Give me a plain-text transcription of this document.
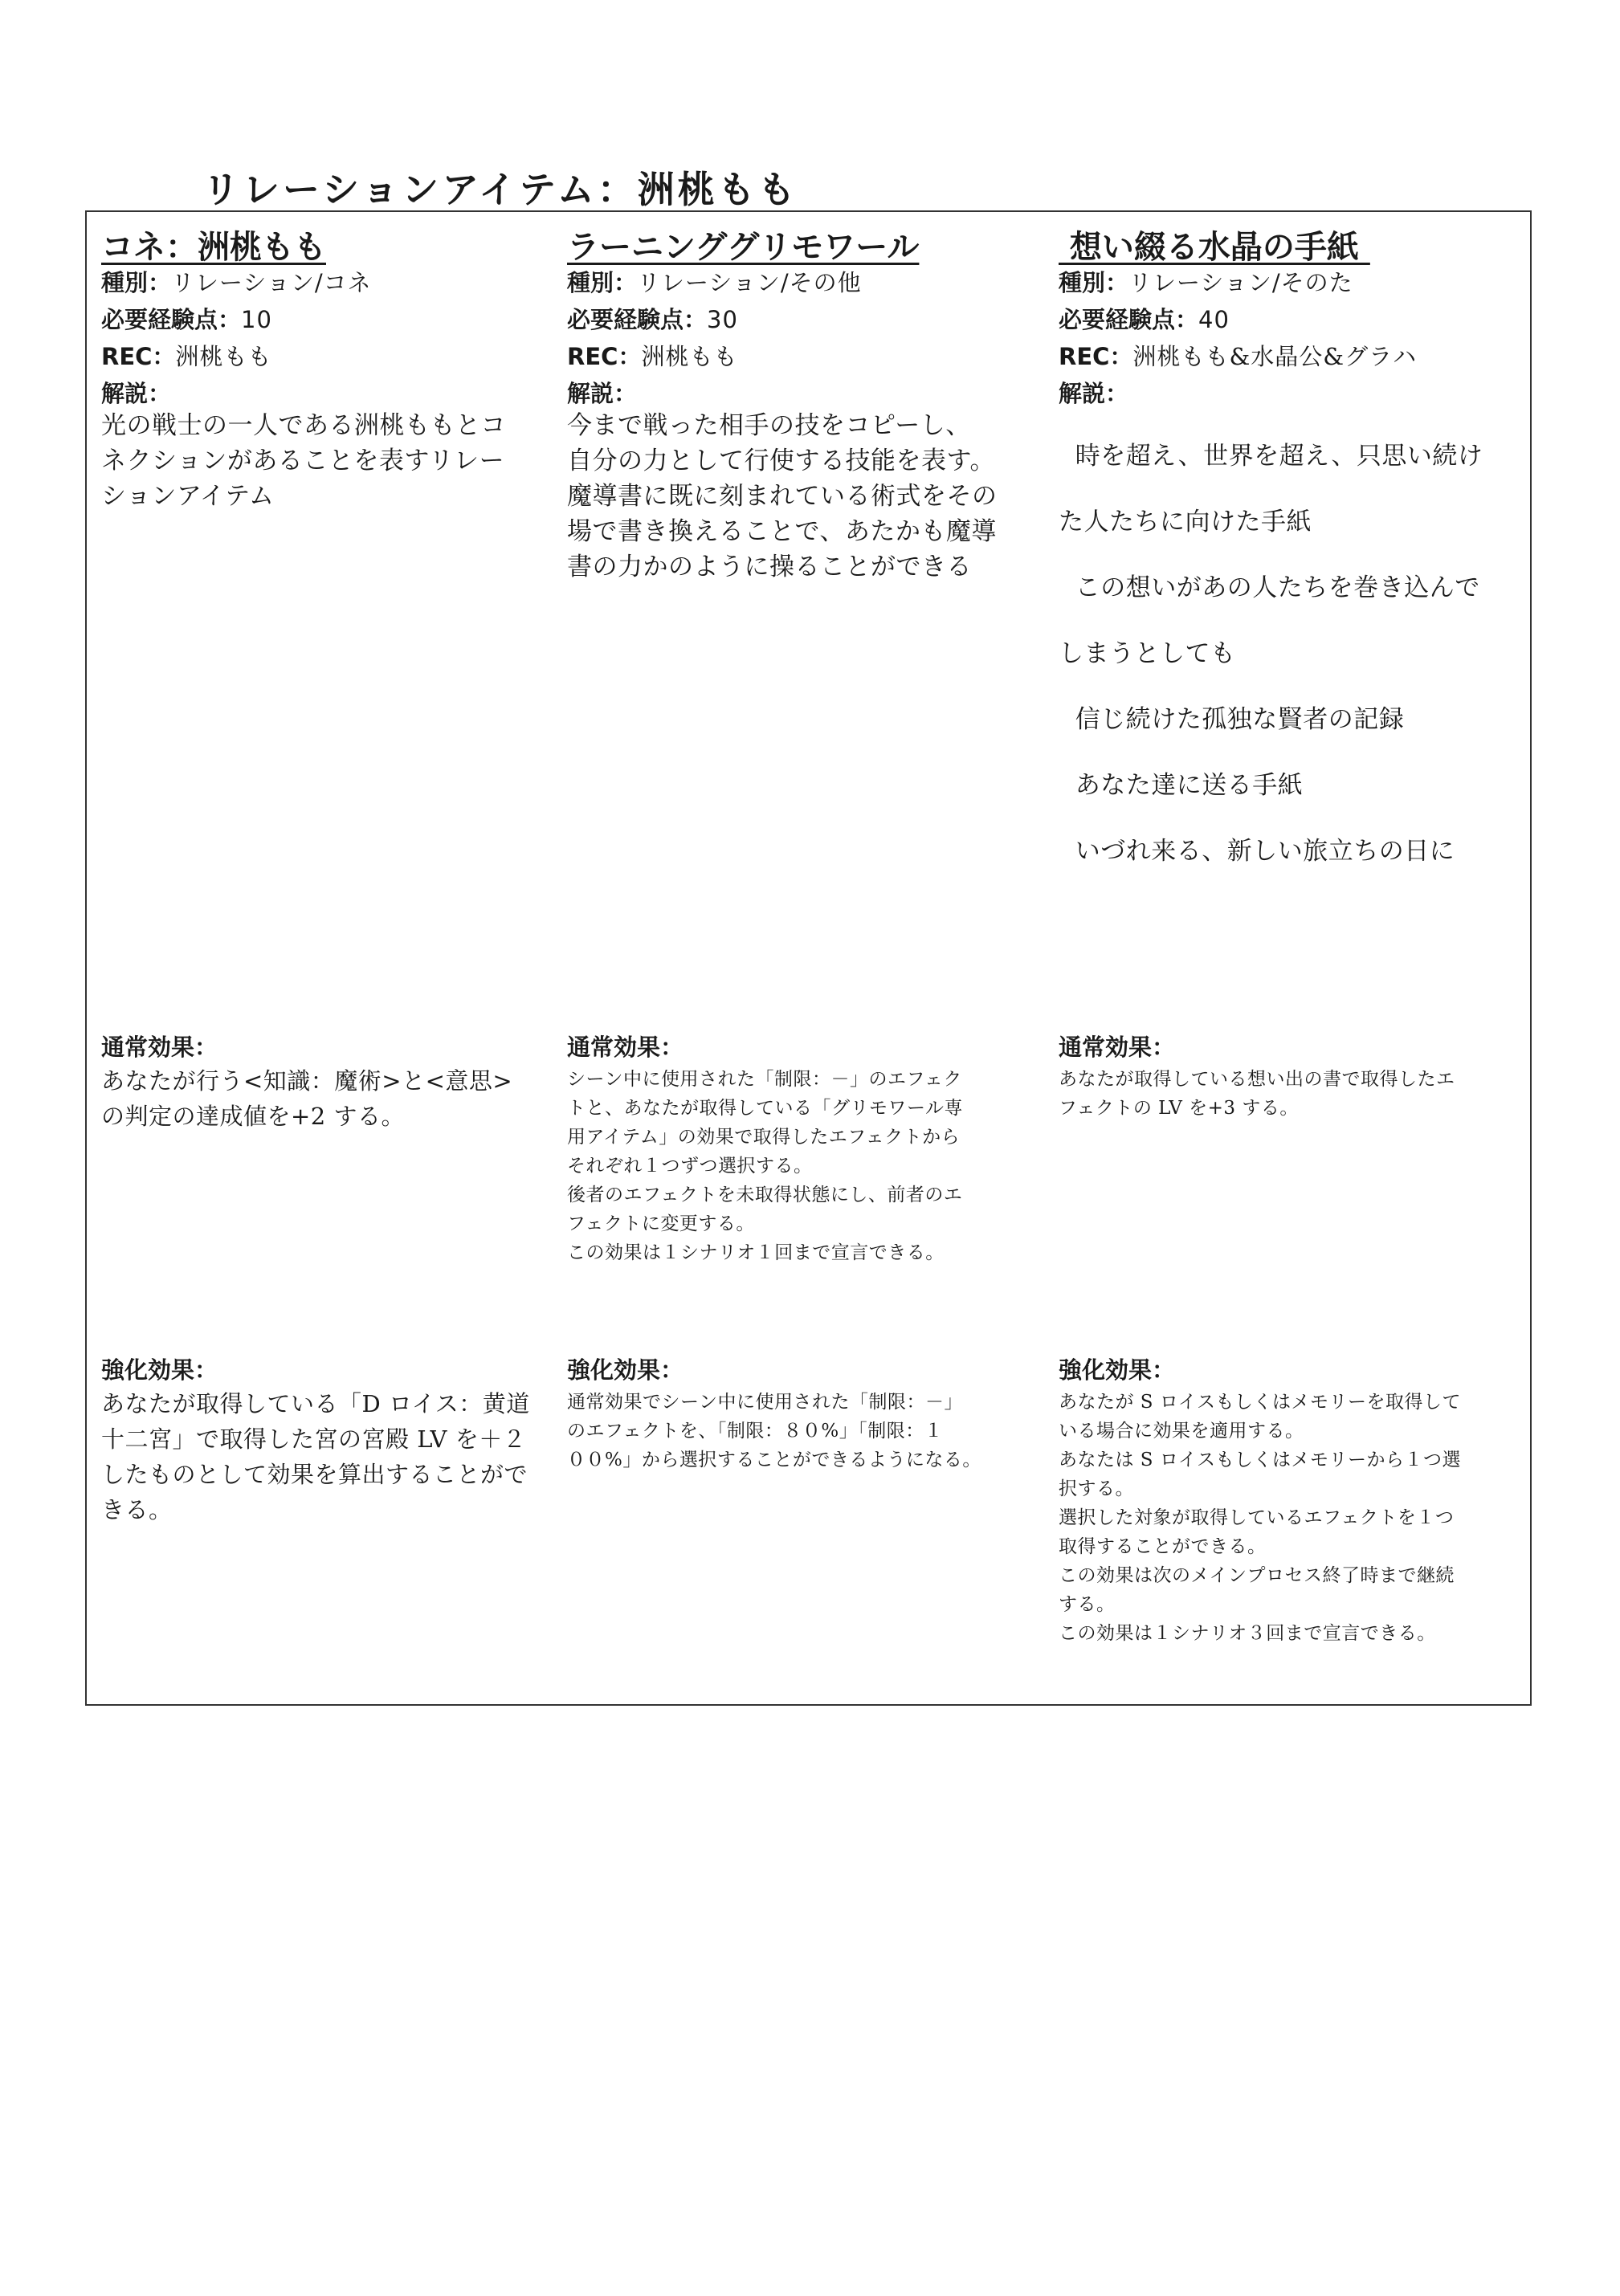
リレーションアイテム：洲桃もも
コネ：洲桃もも
種別：リレーション/コネ
必要経験点：10
REC：洲桃もも
解説：
光の戦士の一人である洲桃ももとコ
ネクションがあることを表すリレー
ションアイテム
通常効果：
あなたが行う<知識：魔術>と<意思>
の判定の達成値を+2 する。
強化効果：
あなたが取得している「D ロイス：黄道
十二宮」で取得した宮の宮殿 LV を＋２
したものとして効果を算出することがで
きる。
ラーニンググリモワール
種別：リレーション/その他
必要経験点：30
REC：洲桃もも
解説：
今まで戦った相手の技をコピーし、
自分の力として行使する技能を表す。
魔導書に既に刻まれている術式をその
場で書き換えることで、あたかも魔導
書の力かのように操ることができる
通常効果：
シーン中に使用された「制限：－」のエフェク
トと、あなたが取得している「グリモワール専
用アイテム」の効果で取得したエフェクトから
それぞれ１つずつ選択する。
後者のエフェクトを未取得状態にし、前者のエ
フェクトに変更する。
この効果は１シナリオ１回まで宣言できる。
強化効果：
通常効果でシーン中に使用された「制限：－」
のエフェクトを、「制限：８０%」「制限：１
００%」から選択することができるようになる。
想い綴る水晶の手紙
種別：リレーション/そのた
必要経験点：40
REC：洲桃もも&水晶公&グラハ
解説：

時を超え、世界を超え、只思い続け

た人たちに向けた手紙

この想いがあの人たちを巻き込んで

しまうとしても

信じ続けた孤独な賢者の記録

あなた達に送る手紙

いづれ来る、新しい旅立ちの日に

通常効果：
あなたが取得している想い出の書で取得したエ
フェクトの LV を+3 する。
強化効果：
あなたが S ロイスもしくはメモリーを取得して
いる場合に効果を適用する。
あなたは S ロイスもしくはメモリーから１つ選
択する。
選択した対象が取得しているエフェクトを１つ
取得することができる。
この効果は次のメインプロセス終了時まで継続
する。
この効果は１シナリオ３回まで宣言できる。
